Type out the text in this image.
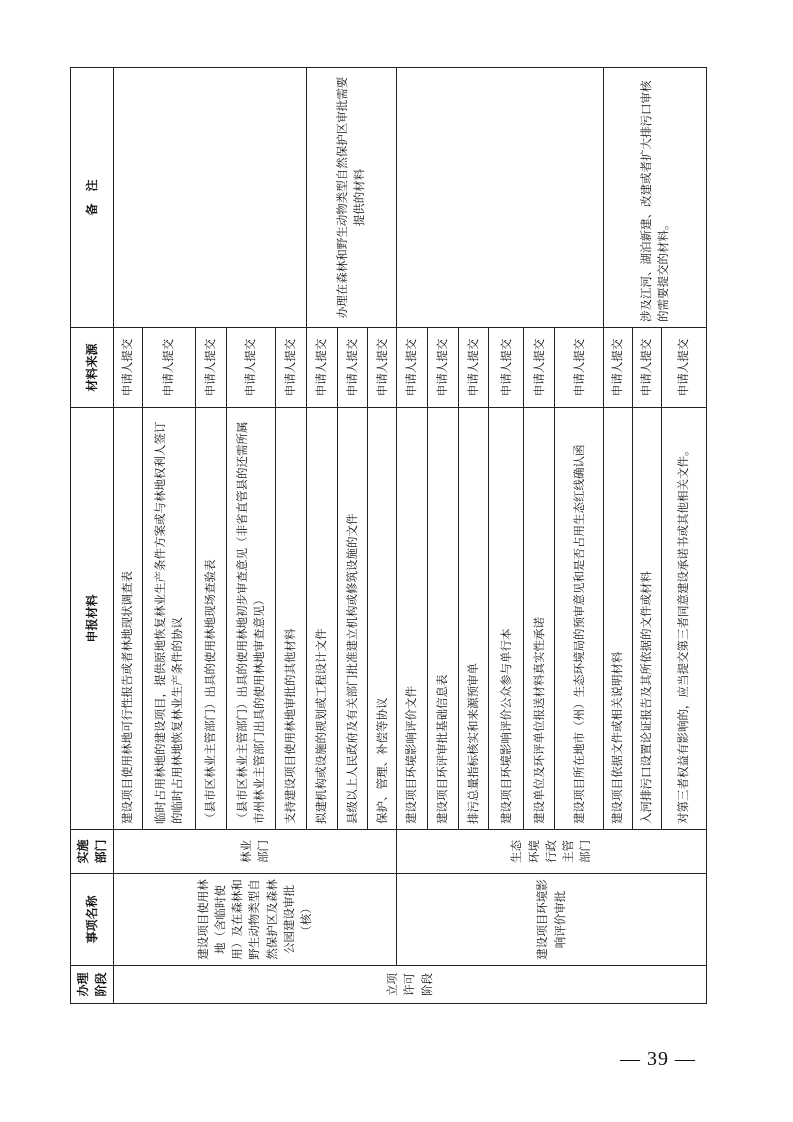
办理阶段	事项名称	实施部门	申报材料	材料来源	备　注
立项许可阶段	建设项目使用林地（含临时使用）及在森林和野生动物类型自然保护区及森林公园建设审批（核）	林业部门	建设项目使用林地可行性报告或者林地现状调查表	申请人提交	
			临时占用林地的建设项目，提供原地恢复林业生产条件方案或与林地权利人签订的临时占用林地恢复林业生产条件的协议	申请人提交	
			（县市区林业主管部门）出具的使用林地现场查验表	申请人提交	
			（县市区林业主管部门）出具的使用林地初步审查意见（非省直管县的还需所属市州林业主管部门出具的使用林地审查意见）	申请人提交	
			支持建设项目使用林地审批的其他材料	申请人提交	
			拟建机构或设施的规划或工程设计文件	申请人提交	办理在森林和野生动物类型自然保护区审批需要提供的材料
			县级以上人民政府及有关部门批准建立机构或修筑设施的文件	申请人提交	
			保护、管理、补偿等协议	申请人提交	
	建设项目环境影响评价审批	生态环境行政主管部门	建设项目环境影响评价文件	申请人提交	
			建设项目环评审批基础信息表	申请人提交	
			排污总量指标核实和来源预审单	申请人提交	
			建设项目环境影响评价公众参与单行本	申请人提交	
			建设单位及环评单位报送材料真实性承诺	申请人提交	
			建设项目所在地市（州）生态环境局的预审意见和是否占用生态红线确认函	申请人提交	
			建设项目依据文件或相关说明材料	申请人提交	涉及江河、湖泊新建、改建或者扩大排污口审核的需要提交的材料。
			入河排污口设置论证报告及其所依据的文件或材料	申请人提交	
			对第三者权益有影响的，应当提交第三者同意建设承诺书或其他相关文件。	申请人提交	
— 39 —
